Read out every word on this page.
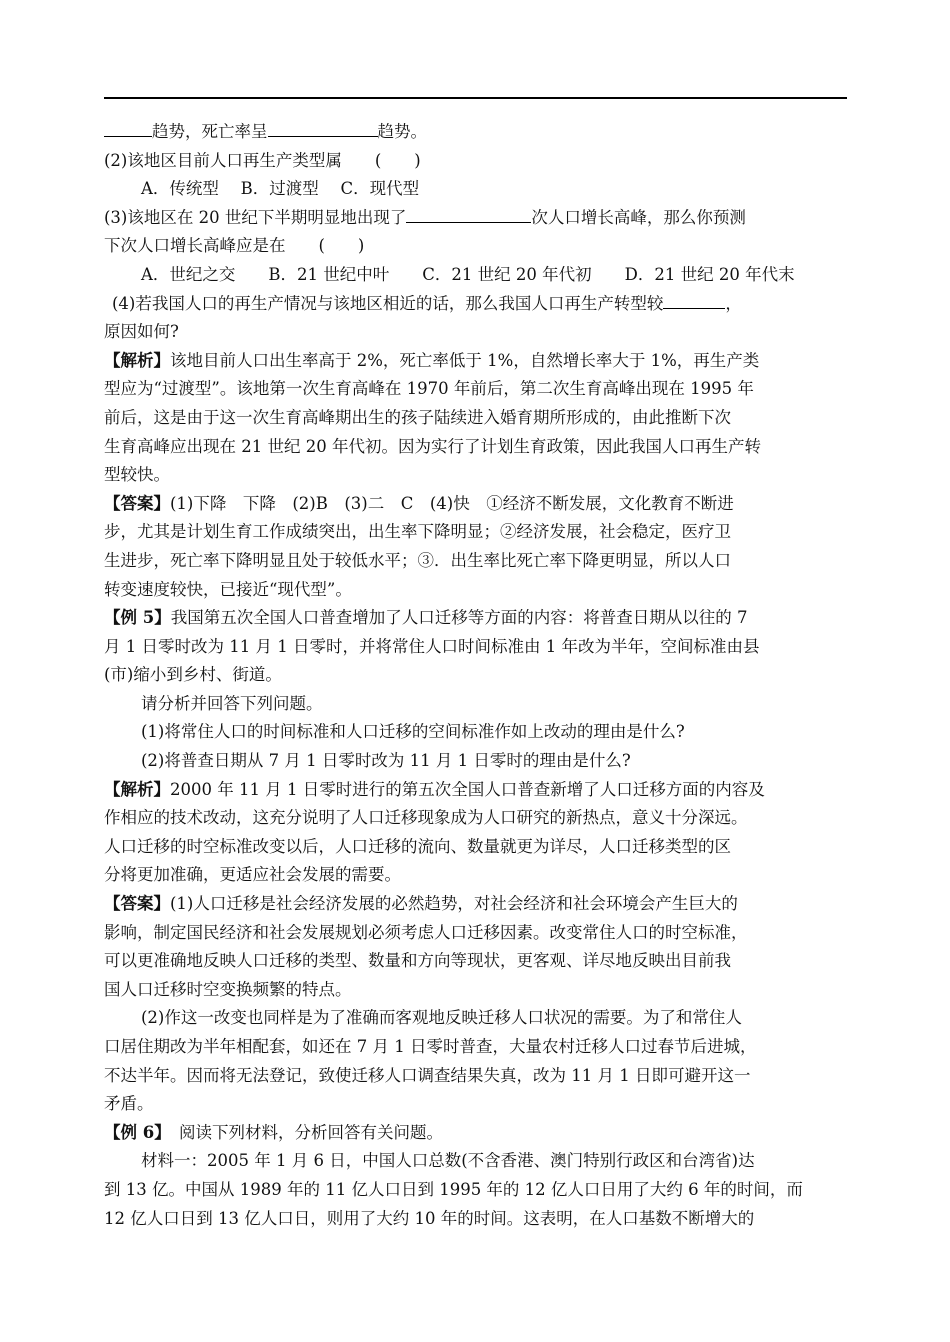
趋势，死亡率呈	趋势。
(2)该地区目前人口再生产类型属　　(　　)
A．传统型　 B．过渡型　 C．现代型
(3)该地区在 20 世纪下半期明显地出现了	次人口增长高峰，那么你预测
下次人口增长高峰应是在　　(　　)
A．世纪之交　　B．21 世纪中叶　　C．21 世纪 20 年代初　　D．21 世纪 20 年代末
(4)若我国人口的再生产情况与该地区相近的话，那么我国人口再生产转型较	，
原因如何?
【解析】该地目前人口出生率高于 2%，死亡率低于 1%，自然增长率大于 1%，再生产类
型应为“过渡型”。该地第一次生育高峰在 1970 年前后，第二次生育高峰出现在 1995 年
前后，这是由于这一次生育高峰期出生的孩子陆续进入婚育期所形成的，由此推断下次
生育高峰应出现在 21 世纪 20 年代初。因为实行了计划生育政策，因此我国人口再生产转
型较快。
【答案】(1)下降　下降　(2)B　(3)二　C　(4)快　①经济不断发展，文化教育不断进
步，尤其是计划生育工作成绩突出，出生率下降明显；②经济发展，社会稳定，医疗卫
生进步，死亡率下降明显且处于较低水平；③．出生率比死亡率下降更明显，所以人口
转变速度较快，已接近“现代型”。
【例 5】我国第五次全国人口普查增加了人口迁移等方面的内容：将普查日期从以往的 7
月 1 日零时改为 11 月 1 日零时，并将常住人口时间标准由 1 年改为半年，空间标准由县
(市)缩小到乡村、街道。
请分析并回答下列问题。
(1)将常住人口的时间标准和人口迁移的空间标准作如上改动的理由是什么?
(2)将普查日期从 7 月 1 日零时改为 11 月 1 日零时的理由是什么?
【解析】2000 年 11 月 1 日零时进行的第五次全国人口普查新增了人口迁移方面的内容及
作相应的技术改动，这充分说明了人口迁移现象成为人口研究的新热点，意义十分深远。
人口迁移的时空标准改变以后，人口迁移的流向、数量就更为详尽，人口迁移类型的区
分将更加准确，更适应社会发展的需要。
【答案】(1)人口迁移是社会经济发展的必然趋势，对社会经济和社会环境会产生巨大的
影响，制定国民经济和社会发展规划必须考虑人口迁移因素。改变常住人口的时空标准，
可以更准确地反映人口迁移的类型、数量和方向等现状，更客观、详尽地反映出目前我
国人口迁移时空变换频繁的特点。
(2)作这一改变也同样是为了准确而客观地反映迁移人口状况的需要。为了和常住人
口居住期改为半年相配套，如还在 7 月 1 日零时普查，大量农村迁移人口过春节后进城，
不达半年。因而将无法登记，致使迁移人口调查结果失真，改为 11 月 1 日即可避开这一
矛盾。
【例 6】　阅读下列材料，分析回答有关问题。
材料一：2005 年 1 月 6 日，中国人口总数(不含香港、澳门特别行政区和台湾省)达
到 13 亿。中国从 1989 年的 11 亿人口日到 1995 年的 12 亿人口日用了大约 6 年的时间，而
12 亿人口日到 13 亿人口日，则用了大约 10 年的时间。这表明，在人口基数不断增大的
